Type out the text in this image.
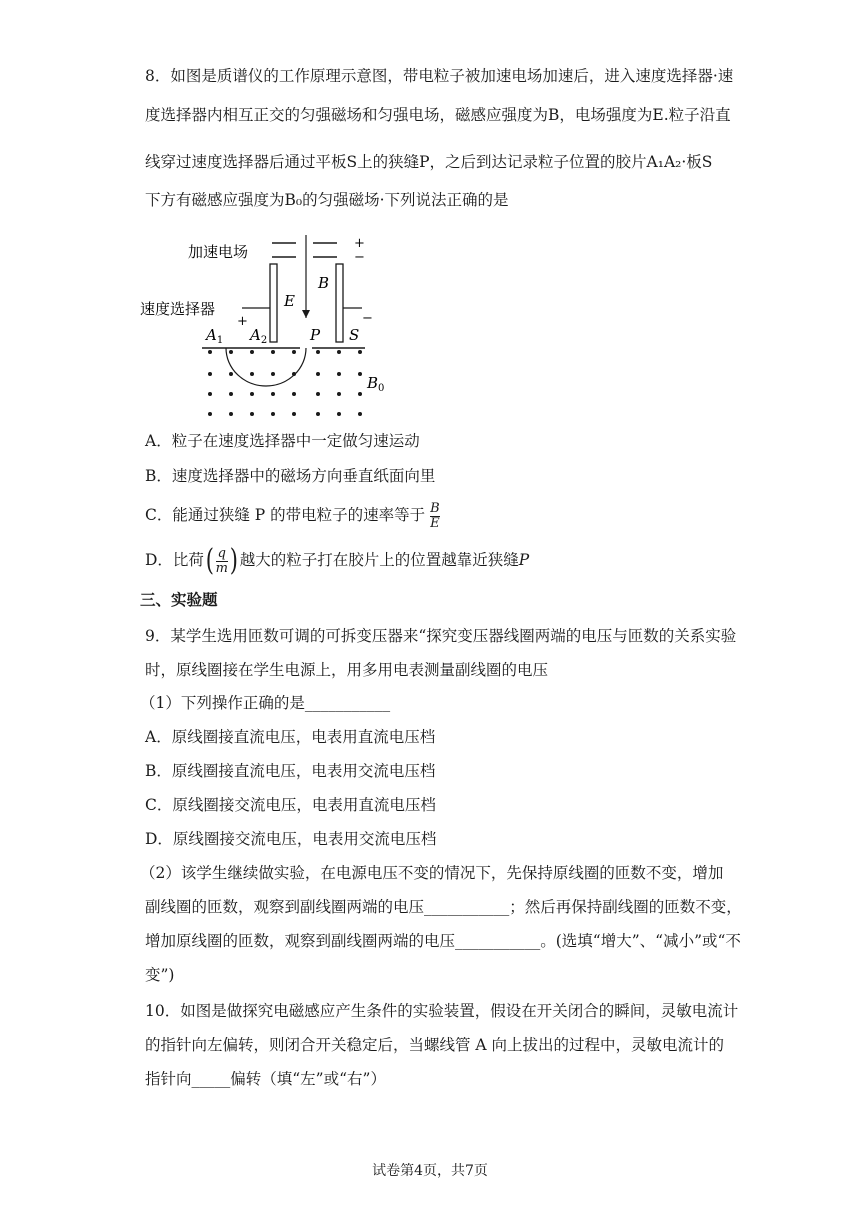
8．如图是质谱仪的工作原理示意图，带电粒子被加速电场加速后，进入速度选择器·速
度选择器内相互正交的匀强磁场和匀强电场，磁感应强度为B，电场强度为E.粒子沿直
线穿过速度选择器后通过平板S上的狭缝P，之后到达记录粒子位置的胶片A₁A₂·板S
下方有磁感应强度为B₀的匀强磁场·下列说法正确的是
加速电场	+
−
B
速度选择器
+	−
E
$A_1$ $A_2$	P S
$B_0$
A．粒子在速度选择器中一定做匀速运动
B．速度选择器中的磁场方向垂直纸面向里
C．能通过狭缝 P 的带电粒子的速率等于 $\frac{B}{E}$
D．比荷( $\frac{q}{m}$ ) 越大的粒子打在胶片上的位置越靠近狭缝P
三、实验题
9．某学生选用匝数可调的可拆变压器来“探究变压器线圈两端的电压与匝数的关系实验
时，原线圈接在学生电源上，用多用电表测量副线圈的电压
（1）下列操作正确的是___________
A．原线圈接直流电压，电表用直流电压档
B．原线圈接直流电压，电表用交流电压档
C．原线圈接交流电压，电表用直流电压档
D．原线圈接交流电压，电表用交流电压档
（2）该学生继续做实验，在电源电压不变的情况下，先保持原线圈的匝数不变，增加
副线圈的匝数，观察到副线圈两端的电压___________；然后再保持副线圈的匝数不变，
增加原线圈的匝数，观察到副线圈两端的电压___________。(选填“增大”、“减小”或“不
变”)
10．如图是做探究电磁感应产生条件的实验装置，假设在开关闭合的瞬间，灵敏电流计
的指针向左偏转，则闭合开关稳定后，当螺线管 A 向上拔出的过程中，灵敏电流计的
指针向_____偏转（填“左”或“右”）
试卷第4页，共7页
